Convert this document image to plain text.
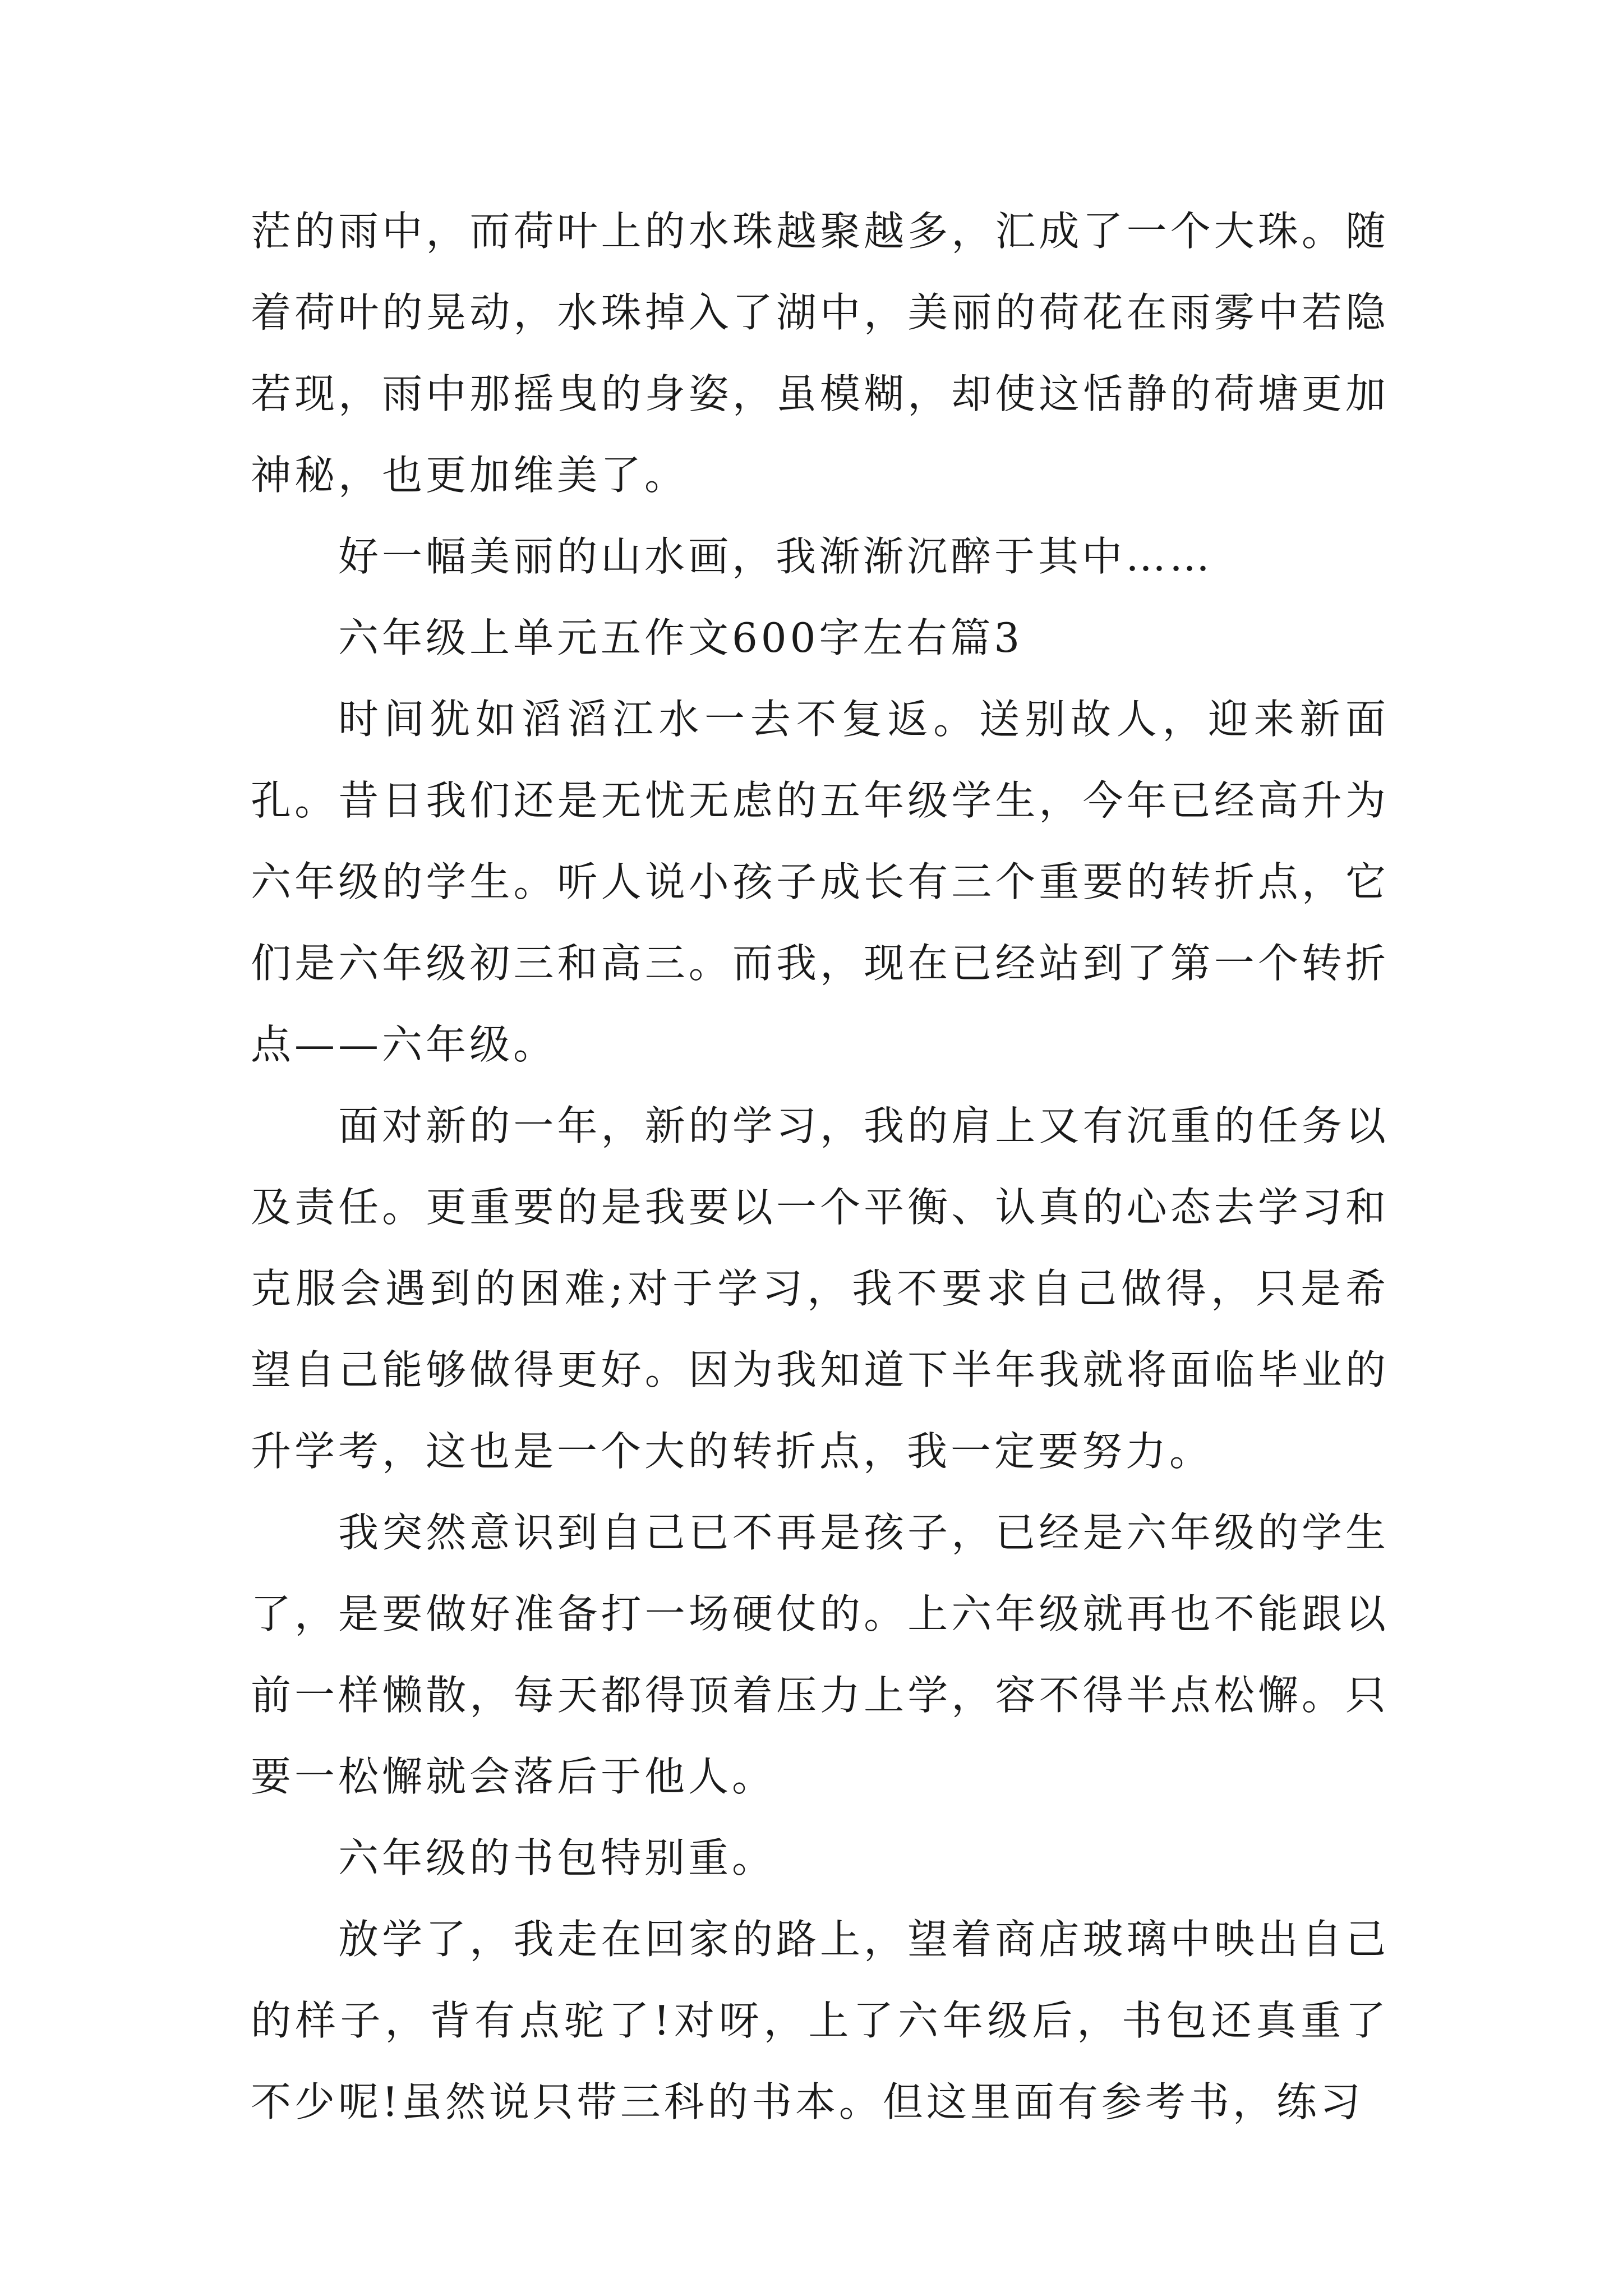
茫的雨中，而荷叶上的水珠越聚越多，汇成了一个大珠。随着荷叶的晃动，水珠掉入了湖中，美丽的荷花在雨雾中若隐若现，雨中那摇曳的身姿，虽模糊，却使这恬静的荷塘更加神秘，也更加维美了。

好一幅美丽的山水画，我渐渐沉醉于其中……

六年级上单元五作文600字左右篇3

时间犹如滔滔江水一去不复返。送别故人，迎来新面孔。昔日我们还是无忧无虑的五年级学生，今年已经高升为六年级的学生。听人说小孩子成长有三个重要的转折点，它们是六年级初三和高三。而我，现在已经站到了第一个转折点——六年级。

面对新的一年，新的学习，我的肩上又有沉重的任务以及责任。更重要的是我要以一个平衡、认真的心态去学习和克服会遇到的困难;对于学习，我不要求自己做得，只是希望自己能够做得更好。因为我知道下半年我就将面临毕业的升学考，这也是一个大的转折点，我一定要努力。

我突然意识到自己已不再是孩子，已经是六年级的学生了，是要做好准备打一场硬仗的。上六年级就再也不能跟以前一样懒散，每天都得顶着压力上学，容不得半点松懈。只要一松懈就会落后于他人。

六年级的书包特别重。

放学了，我走在回家的路上，望着商店玻璃中映出自己的样子，背有点驼了!对呀，上了六年级后，书包还真重了不少呢!虽然说只带三科的书本。但这里面有参考书，练习
